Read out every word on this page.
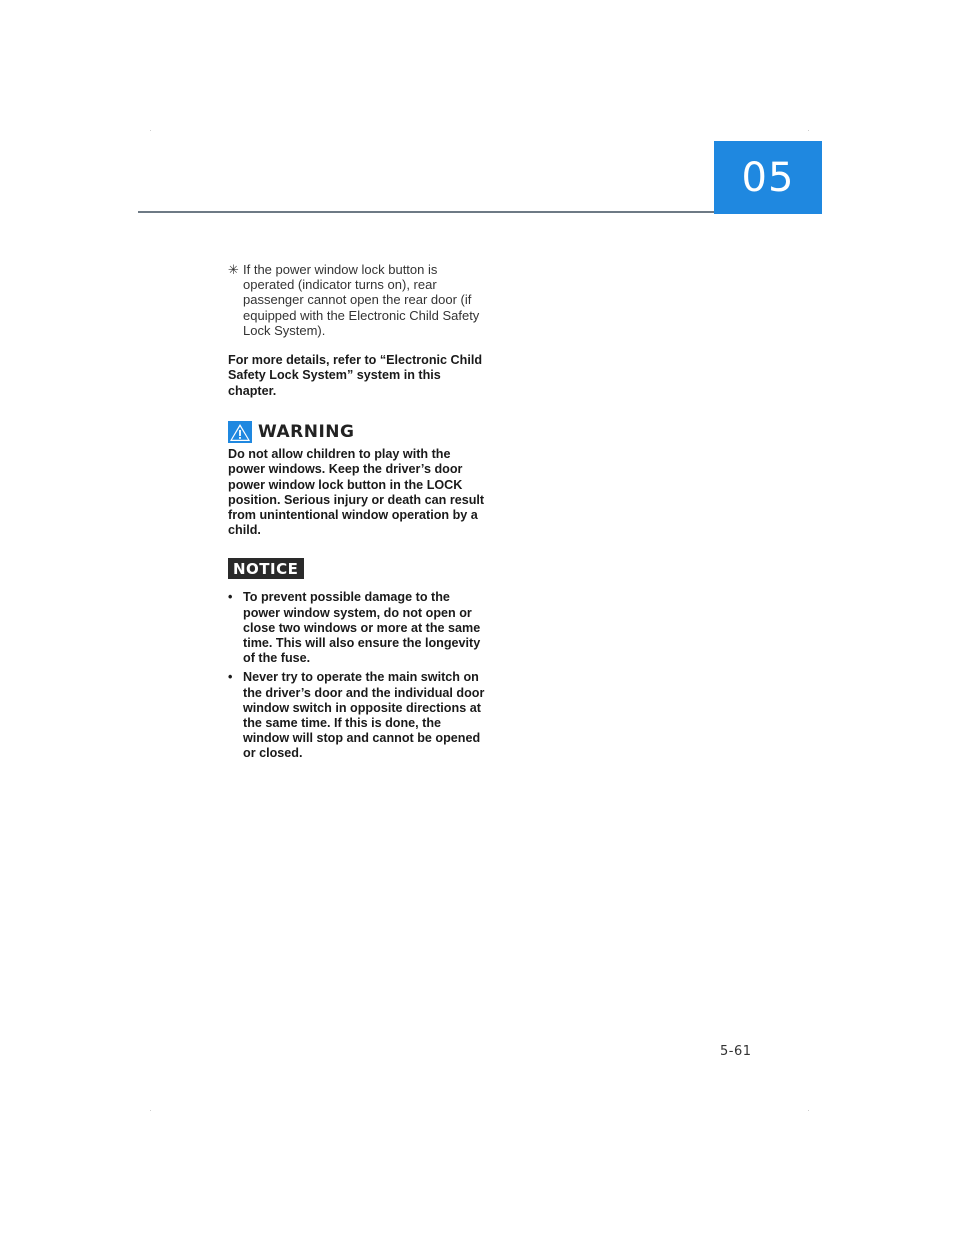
05
✳ If the power window lock button is operated (indicator turns on), rear passenger cannot open the rear door (if equipped with the Electronic Child Safety Lock System).
For more details, refer to “Electronic Child Safety Lock System” system in this chapter.
WARNING
Do not allow children to play with the power windows. Keep the driver’s door power window lock button in the LOCK position. Serious injury or death can result from unintentional window operation by a child.
NOTICE
• To prevent possible damage to the power window system, do not open or close two windows or more at the same time. This will also ensure the longevity of the fuse.
• Never try to operate the main switch on the driver’s door and the individual door window switch in opposite directions at the same time. If this is done, the window will stop and cannot be opened or closed.
5-61
